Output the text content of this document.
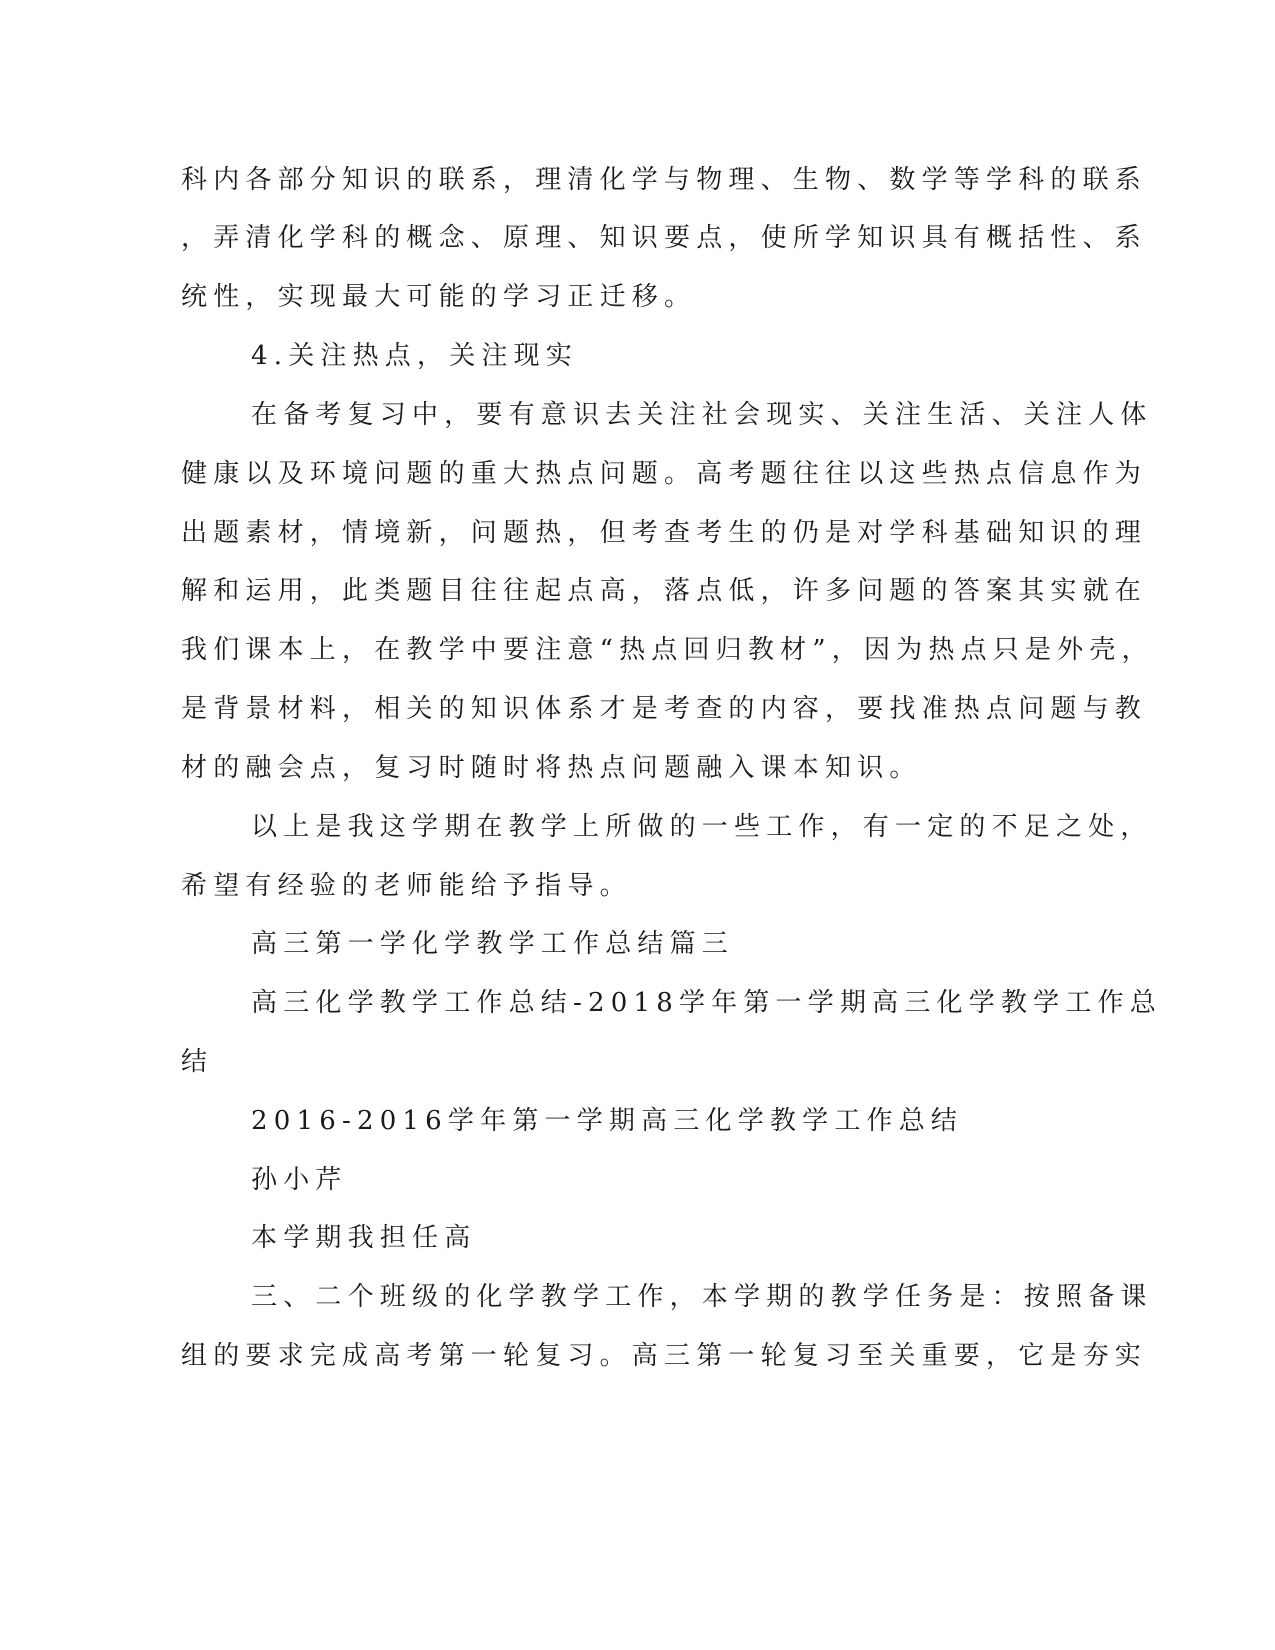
科内各部分知识的联系，理清化学与物理、生物、数学等学科的联系
，弄清化学科的概念、原理、知识要点，使所学知识具有概括性、系
统性，实现最大可能的学习正迁移。
4.关注热点，关注现实
在备考复习中，要有意识去关注社会现实、关注生活、关注人体
健康以及环境问题的重大热点问题。高考题往往以这些热点信息作为
出题素材，情境新，问题热，但考查考生的仍是对学科基础知识的理
解和运用，此类题目往往起点高，落点低，许多问题的答案其实就在
我们课本上，在教学中要注意“热点回归教材”，因为热点只是外壳，
是背景材料，相关的知识体系才是考查的内容，要找准热点问题与教
材的融会点，复习时随时将热点问题融入课本知识。
以上是我这学期在教学上所做的一些工作，有一定的不足之处，
希望有经验的老师能给予指导。
高三第一学化学教学工作总结篇三
高三化学教学工作总结-2018学年第一学期高三化学教学工作总
结
2016-2016学年第一学期高三化学教学工作总结
孙小芹
本学期我担任高
三、二个班级的化学教学工作，本学期的教学任务是：按照备课
组的要求完成高考第一轮复习。高三第一轮复习至关重要，它是夯实
